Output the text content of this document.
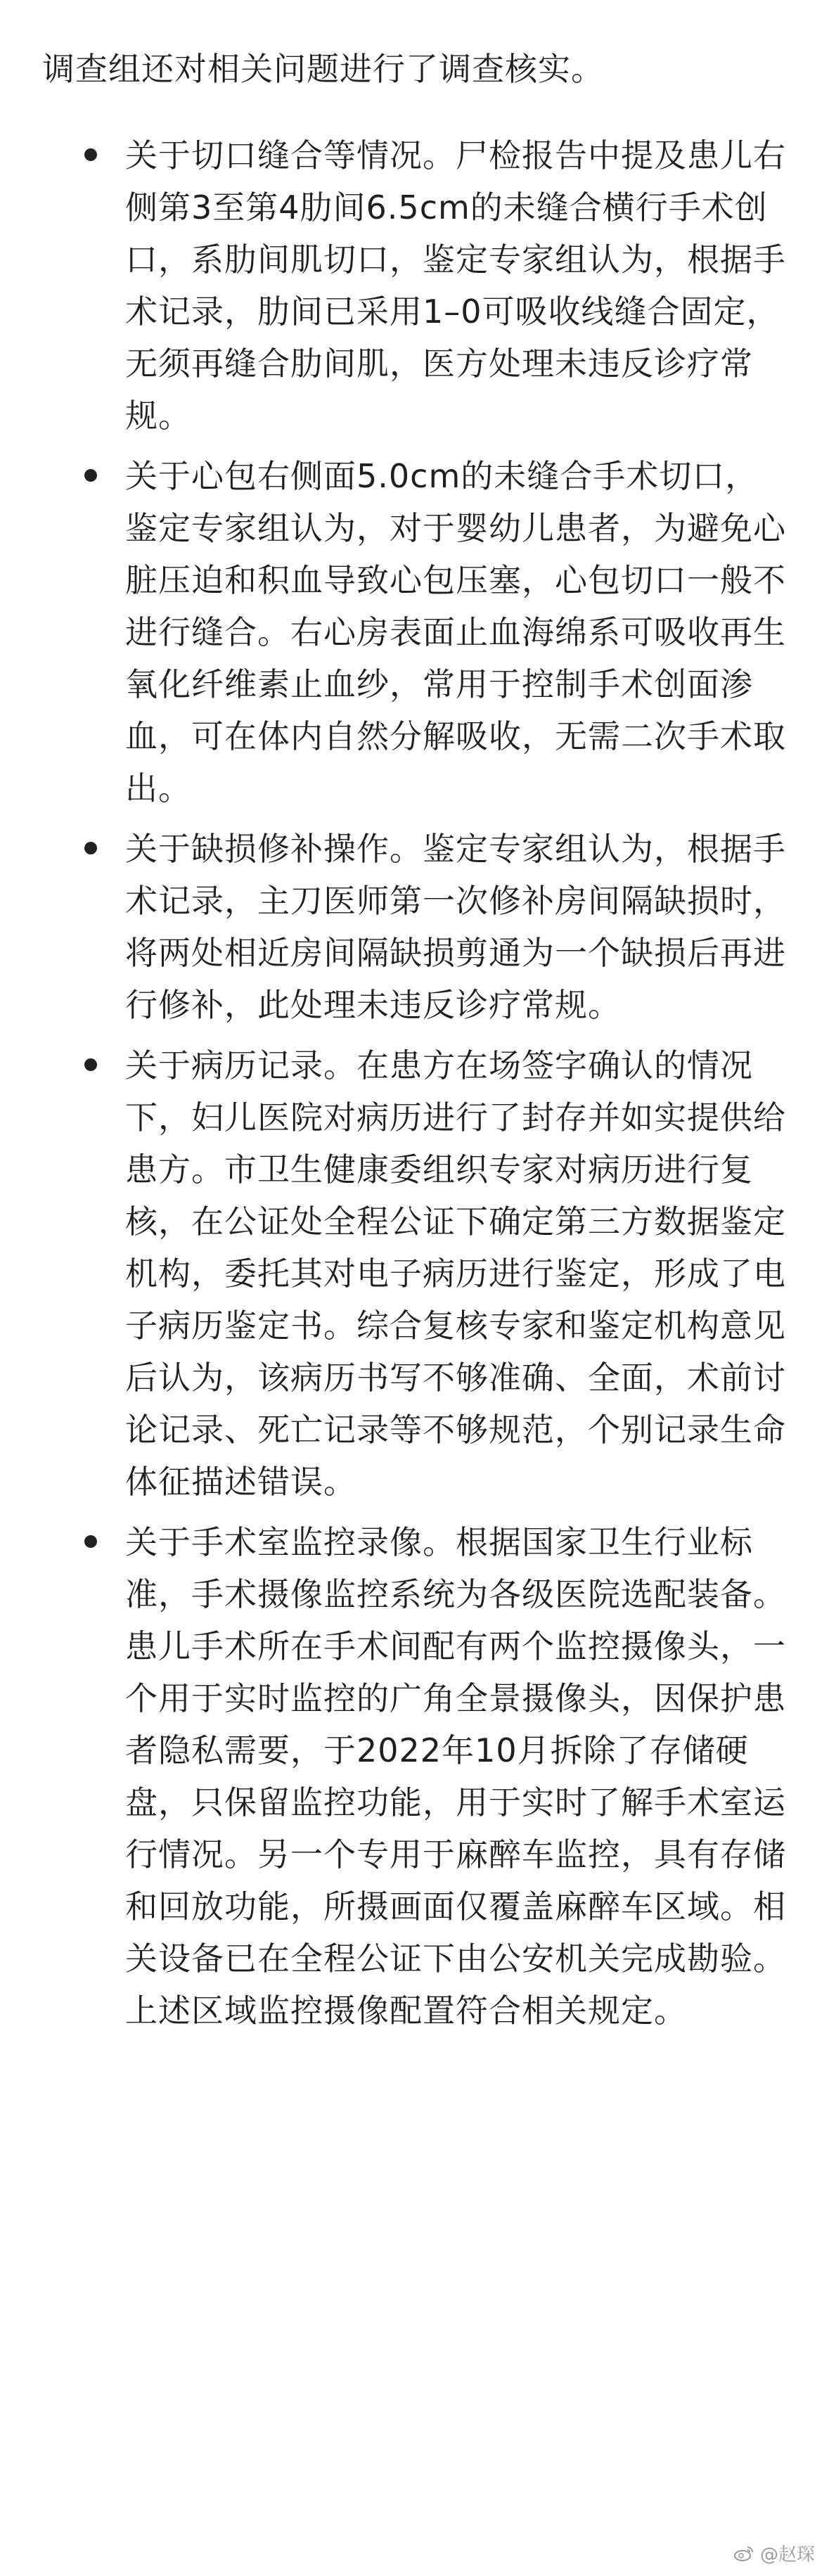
调查组还对相关问题进行了调查核实。

关于切口缝合等情况。尸检报告中提及患儿右侧第3至第4肋间6.5cm的未缝合横行手术创口，系肋间肌切口，鉴定专家组认为，根据手术记录，肋间已采用1–0可吸收线缝合固定，无须再缝合肋间肌，医方处理未违反诊疗常规。
关于心包右侧面5.0cm的未缝合手术切口，鉴定专家组认为，对于婴幼儿患者，为避免心脏压迫和积血导致心包压塞，心包切口一般不进行缝合。右心房表面止血海绵系可吸收再生氧化纤维素止血纱，常用于控制手术创面渗血，可在体内自然分解吸收，无需二次手术取出。
关于缺损修补操作。鉴定专家组认为，根据手术记录，主刀医师第一次修补房间隔缺损时，将两处相近房间隔缺损剪通为一个缺损后再进行修补，此处理未违反诊疗常规。
关于病历记录。在患方在场签字确认的情况下，妇儿医院对病历进行了封存并如实提供给患方。市卫生健康委组织专家对病历进行复核，在公证处全程公证下确定第三方数据鉴定机构，委托其对电子病历进行鉴定，形成了电子病历鉴定书。综合复核专家和鉴定机构意见后认为，该病历书写不够准确、全面，术前讨论记录、死亡记录等不够规范，个别记录生命体征描述错误。
关于手术室监控录像。根据国家卫生行业标准，手术摄像监控系统为各级医院选配装备。患儿手术所在手术间配有两个监控摄像头，一个用于实时监控的广角全景摄像头，因保护患者隐私需要，于2022年10月拆除了存储硬盘，只保留监控功能，用于实时了解手术室运行情况。另一个专用于麻醉车监控，具有存储和回放功能，所摄画面仅覆盖麻醉车区域。相关设备已在全程公证下由公安机关完成勘验。上述区域监控摄像配置符合相关规定。
@赵琛
